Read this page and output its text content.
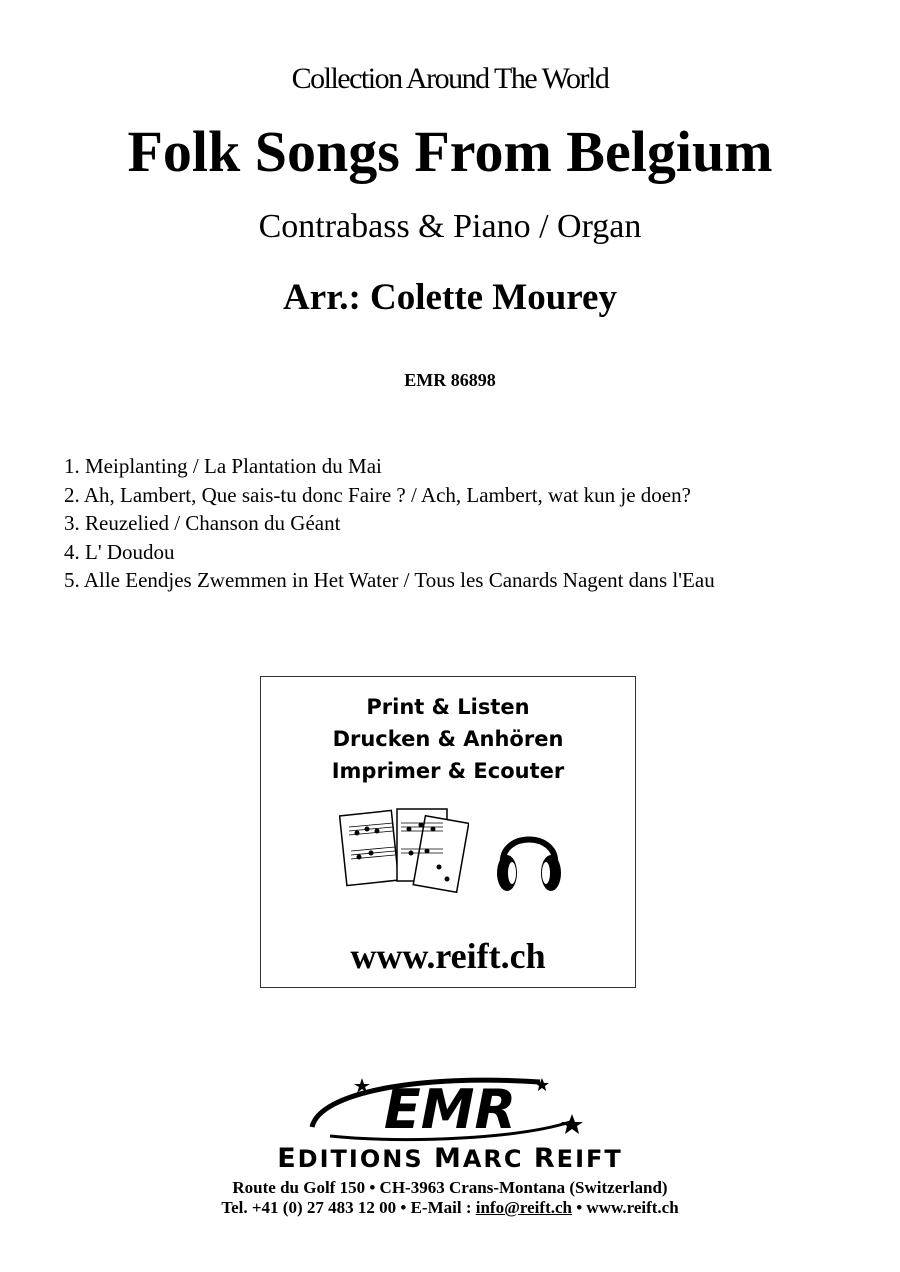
Collection Around The World
Folk Songs From Belgium
Contrabass & Piano / Organ
Arr.: Colette Mourey
EMR 86898
1. Meiplanting / La Plantation du Mai
2. Ah, Lambert, Que sais-tu donc Faire ? / Ach, Lambert, wat kun je doen?
3. Reuzelied / Chanson du Géant
4. L' Doudou
5. Alle Eendjes Zwemmen in Het Water / Tous les Canards Nagent dans l'Eau
Print & Listen
Drucken & Anhören
Imprimer & Ecouter
www.reift.ch
EMR
EDITIONS MARC REIFT
Route du Golf 150 • CH-3963 Crans-Montana (Switzerland)
Tel. +41 (0) 27 483 12 00 • E-Mail : info@reift.ch • www.reift.ch
